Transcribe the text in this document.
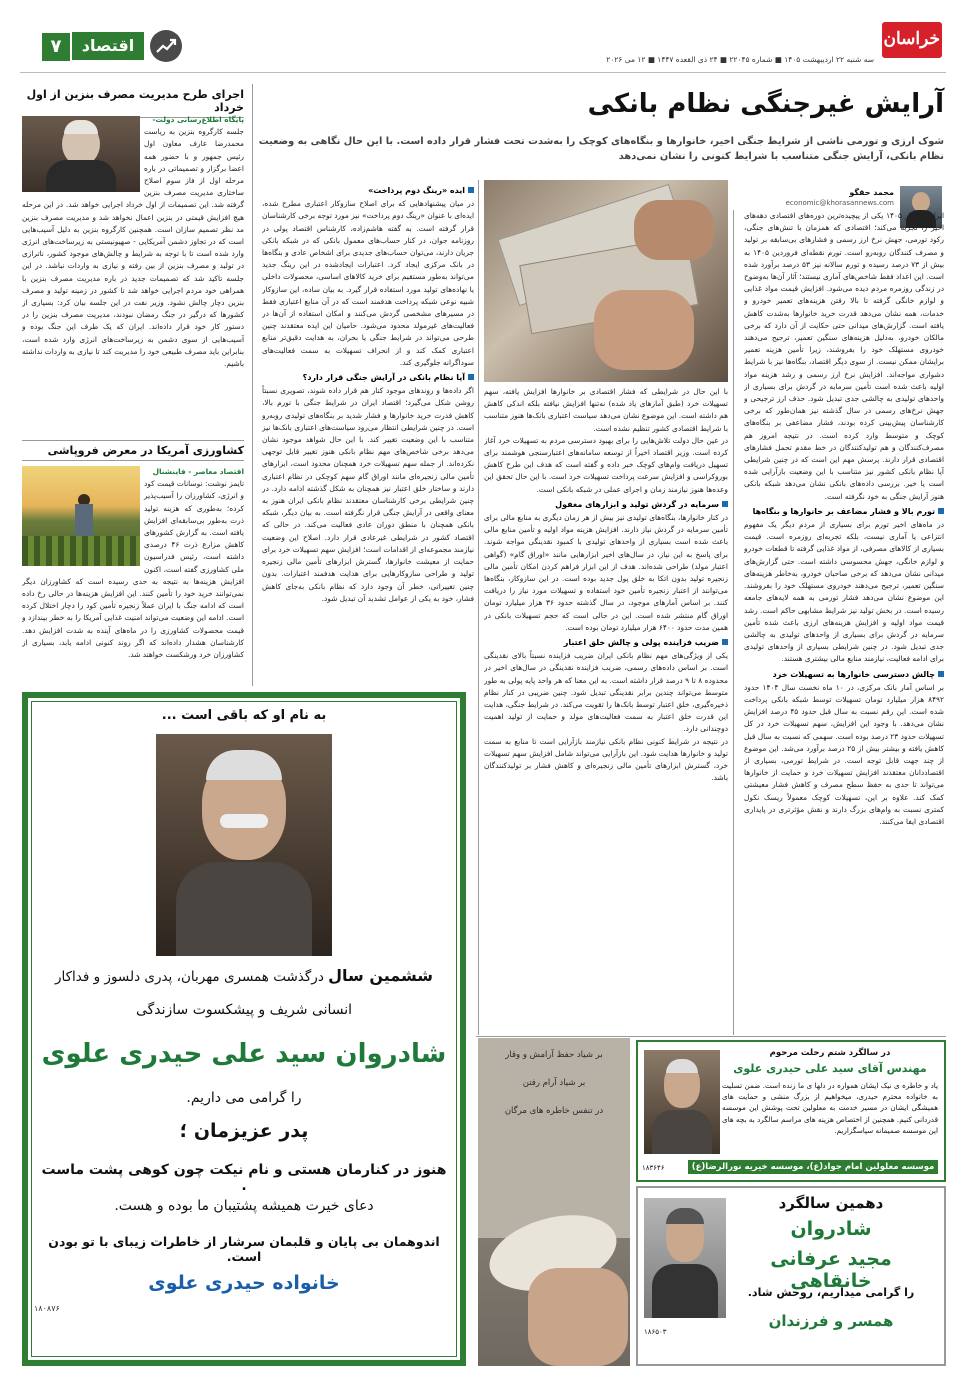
خراسان
سه شنبه ۲۲ اردیبهشت ۱۴۰۵ ■ شماره ۲۲۰۴۵ ■ ۲۴ ذی القعده ۱۴۴۷ ■ ۱۲ می ۲۰۲۶
۷	اقتصاد
آرایش غیرجنگی نظام بانکی
شوک ارزی و تورمی ناشی از شرایط جنگی اخیر، خانوارها و بنگاه‌های کوچک را به‌شدت تحت فشار قرار داده است. با این حال نگاهی به وضعیت نظام بانکی، آرایش جنگی متناسب با شرایط کنونی را نشان نمی‌دهد
محمد حقگو
economic@khorasannews.com

ایران در بهار ۱۴۰۵ یکی از پیچیده‌ترین دوره‌های اقتصادی دهه‌های اخیر را تجربه می‌کند؛ اقتصادی که همزمان با تنش‌های جنگی، رکود تورمی، جهش نرخ ارز رسمی و فشارهای بی‌سابقه بر تولید و مصرف کنندگان روبه‌رو است. تورم نقطه‌ای فروردین ۱۴۰۵ به بیش از ۷۳ درصد رسیده و تورم سالانه نیز ۵۳ درصد برآورد شده است. این اعداد فقط شاخص‌های آماری نیستند؛ آثار آن‌ها به‌وضوح در زندگی روزمره مردم دیده می‌شود. افزایش قیمت مواد غذایی و لوازم خانگی گرفته تا بالا رفتن هزینه‌های تعمیر خودرو و خدمات، همه نشان می‌دهد قدرت خرید خانوارها به‌شدت کاهش یافته است. گزارش‌های میدانی حتی حکایت از آن دارد که برخی مالکان خودرو، به‌دلیل هزینه‌های سنگین تعمیر، ترجیح می‌دهند خودروی مستهلک خود را بفروشند، زیرا تأمین هزینه تعمیر برایشان ممکن نیست. از سوی دیگر اقتصاد، بنگاه‌ها نیز با شرایط دشواری مواجه‌اند. افزایش نرخ ارز رسمی و رشد هزینه مواد اولیه باعث شده است تأمین سرمایه در گردش برای بسیاری از واحدهای تولیدی به چالشی جدی تبدیل شود. حذف ارز ترجیحی و جهش نرخ‌های رسمی در سال گذشته نیز همان‌طور که برخی کارشناسان پیش‌بینی کرده بودند، فشار مضاعفی بر بنگاه‌های کوچک و متوسط وارد کرده است. در نتیجه امروز هم مصرف‌کنندگان و هم تولیدکنندگان در خط مقدم تحمل فشارهای اقتصادی قرار دارند. پرسش مهم این است که در چنین شرایطی آیا نظام بانکی کشور نیز متناسب با این وضعیت بازآرایی شده است یا خیر. بررسی داده‌های بانکی نشان می‌دهد شبکه بانکی هنوز آرایش جنگی به خود نگرفته است.

تورم بالا و فشار مضاعف بر خانوارها و بنگاه‌ها

در ماه‌های اخیر تورم برای بسیاری از مردم دیگر یک مفهوم انتزاعی یا آماری نیست، بلکه تجربه‌ای روزمره است. قیمت بسیاری از کالاهای مصرفی، از مواد غذایی گرفته تا قطعات خودرو و لوازم خانگی، جهش محسوسی داشته است. حتی گزارش‌های میدانی نشان می‌دهد که برخی صاحبان خودرو، به‌خاطر هزینه‌های سنگین تعمیر، ترجیح می‌دهند خودروی مستهلک خود را بفروشند. این موضوع نشان می‌دهد فشار تورمی به همه لایه‌های جامعه رسیده است. در بخش تولید نیز شرایط مشابهی حاکم است. رشد قیمت مواد اولیه و افزایش هزینه‌های ارزی باعث شده تأمین سرمایه در گردش برای بسیاری از واحدهای تولیدی به چالشی جدی تبدیل شود. در چنین شرایطی بسیاری از واحدهای تولیدی برای ادامه فعالیت، نیازمند منابع مالی بیشتری هستند.

چالش دسترسی خانوارها به تسهیلات خرد

بر اساس آمار بانک مرکزی، در ۱۰ ماه نخست سال ۱۴۰۴ حدود ۸۴۹۲ هزار میلیارد تومان تسهیلات توسط شبکه بانکی پرداخت شده است. این رقم نسبت به سال قبل حدود ۴۵ درصد افزایش نشان می‌دهد. با وجود این افزایش، سهم تسهیلات خرد در کل تسهیلات حدود ۲۳ درصد بوده است. سهمی که نسبت به سال قبل کاهش یافته و بیشتر بیش از ۲۵ درصد برآورد می‌شد. این موضوع از چند جهت قابل توجه است. در شرایط تورمی، بسیاری از اقتصاددانان معتقدند افزایش تسهیلات خرد و حمایت از خانوارها می‌تواند تا حدی به حفظ سطح مصرف و کاهش فشار معیشتی کمک کند. علاوه بر این، تسهیلات کوچک معمولاً ریسک نکول کمتری نسبت به وام‌های بزرگ دارند و نقش مؤثرتری در پایداری اقتصادی ایفا می‌کنند.

با این حال در شرایطی که فشار اقتصادی بر خانوارها افزایش یافته، سهم تسهیلات خرد (طبق آمارهای یاد شده) نه‌تنها افزایش نیافته بلکه اندکی کاهش هم داشته است. این موضوع نشان می‌دهد سیاست اعتباری بانک‌ها هنوز متناسب با شرایط اقتصادی کشور تنظیم نشده است.

در عین حال دولت تلاش‌هایی را برای بهبود دسترسی مردم به تسهیلات خرد آغاز کرده است. وزیر اقتصاد اخیراً از توسعه سامانه‌های اعتبارسنجی هوشمند برای تسهیل دریافت وام‌های کوچک خبر داده و گفته است که هدف این طرح کاهش بوروکراسی و افزایش سرعت پرداخت تسهیلات خرد است. با این حال تحقق این وعده‌ها هنوز نیازمند زمان و اجرای عملی در شبکه بانکی است.

سرمایه در گردش تولید و ابزارهای مغفول

در کنار خانوارها، بنگاه‌های تولیدی نیز بیش از هر زمان دیگری به منابع مالی برای تأمین سرمایه در گردش نیاز دارند. افزایش هزینه مواد اولیه و تأمین منابع مالی باعث شده است بسیاری از واحدهای تولیدی با کمبود نقدینگی مواجه شوند. برای پاسخ به این نیاز، در سال‌های اخیر ابزارهایی مانند «اوراق گام» (گواهی اعتبار مولد) طراحی شده‌اند. هدف از این ابزار فراهم کردن امکان تأمین مالی زنجیره تولید بدون اتکا به خلق پول جدید بوده است. در این سازوکار، بنگاه‌ها می‌توانند از اعتبار زنجیره تأمین خود استفاده و تسهیلات مورد نیاز را دریافت کنند. بر اساس آمارهای موجود، در سال گذشته حدود ۳۶ هزار میلیارد تومان اوراق گام منتشر شده است. این در حالی است که حجم تسهیلات بانکی در همین مدت حدود ۶۴۰۰ هزار میلیارد تومان بوده است.

ضریب فزاینده پولی و چالش خلق اعتبار

یکی از ویژگی‌های مهم نظام بانکی ایران ضریب فزاینده نسبتاً بالای نقدینگی است. بر اساس داده‌های رسمی، ضریب فزاینده نقدینگی در سال‌های اخیر در محدوده ۸ تا ۹ درصد قرار داشته است. به این معنا که هر واحد پایه پولی به طور متوسط می‌تواند چندین برابر نقدینگی تبدیل شود. چنین ضریبی در کنار نظام ذخیره‌گیری، خلق اعتبار توسط بانک‌ها را تقویت می‌کند. در شرایط جنگی، هدایت این قدرت خلق اعتبار به سمت فعالیت‌های مولد و حمایت از تولید اهمیت دوچندانی دارد.

در نتیجه در شرایط کنونی نظام بانکی نیازمند بازآرایی است تا منابع به سمت تولید و خانوارها هدایت شود. این بازآرایی می‌تواند شامل افزایش سهم تسهیلات خرد، گسترش ابزارهای تأمین مالی زنجیره‌ای و کاهش فشار بر تولیدکنندگان باشد.

ایده «رینگ دوم پرداخت»

در میان پیشنهادهایی که برای اصلاح سازوکار اعتباری مطرح شده، ایده‌ای با عنوان «رینگ دوم پرداخت» نیز مورد توجه برخی کارشناسان قرار گرفته است. به گفته هاشم‌زاده، کارشناس اقتصاد پولی در روزنامه جوان، در کنار حساب‌های معمول بانکی که در شبکه بانکی جریان دارند، می‌توان حساب‌های جدیدی برای اشخاص عادی و بنگاه‌ها در بانک مرکزی ایجاد کرد. اعتبارات ایجادشده در این رینگ جدید می‌تواند به‌طور مستقیم برای خرید کالاهای اساسی، محصولات داخلی یا نهاده‌های تولید مورد استفاده قرار گیرد. به بیان ساده، این سازوکار شبیه نوعی شبکه پرداخت هدفمند است که در آن منابع اعتباری فقط در مسیرهای مشخصی گردش می‌کنند و امکان استفاده از آن‌ها در فعالیت‌های غیرمولد محدود می‌شود. حامیان این ایده معتقدند چنین طرحی می‌تواند در شرایط جنگی یا بحران، به هدایت دقیق‌تر منابع اعتباری کمک کند و از انحراف تسهیلات به سمت فعالیت‌های سوداگرانه جلوگیری کند.

آیا نظام بانکی در آرایش جنگی قرار دارد؟

اگر داده‌ها و روندهای موجود کنار هم قرار داده شوند، تصویری نسبتاً روشن شکل می‌گیرد؛ اقتصاد ایران در شرایط جنگی با تورم بالا، کاهش قدرت خرید خانوارها و فشار شدید بر بنگاه‌های تولیدی روبه‌رو است. در چنین شرایطی انتظار می‌رود سیاست‌های اعتباری بانک‌ها نیز متناسب با این وضعیت تغییر کند. با این حال شواهد موجود نشان می‌دهد برخی شاخص‌های مهم نظام بانکی هنوز تغییر قابل توجهی نکرده‌اند. از جمله سهم تسهیلات خرد همچنان محدود است، ابزارهای تأمین مالی زنجیره‌ای مانند اوراق گام سهم کوچکی در نظام اعتباری دارند و ساختار خلق اعتبار نیز همچنان به شکل گذشته ادامه دارد. در چنین شرایطی برخی کارشناسان معتقدند نظام بانکی ایران هنوز به معنای واقعی در آرایش جنگی قرار نگرفته است. به بیان دیگر، شبکه بانکی همچنان با منطق دوران عادی فعالیت می‌کند. در حالی که اقتصاد کشور در شرایطی غیرعادی قرار دارد. اصلاح این وضعیت نیازمند مجموعه‌ای از اقدامات است؛ افزایش سهم تسهیلات خرد برای حمایت از معیشت خانوارها، گسترش ابزارهای تأمین مالی زنجیره تولید و طراحی سازوکارهایی برای هدایت هدفمند اعتبارات. بدون چنین تغییراتی، خطر آن وجود دارد که نظام بانکی به‌جای کاهش فشار، خود به یکی از عوامل تشدید آن تبدیل شود.

اجرای طرح مدیریت مصرف بنزین از اول خرداد
پایگاه اطلاع‌رسانی دولت-

جلسه کارگروه بنزین به ریاست محمدرضا عارف معاون اول رئیس جمهور و با حضور همه اعضا برگزار و تصمیماتی در باره مرحله اول از فاز سوم اصلاح ساختاری مدیریت مصرف بنزین گرفته شد. این تصمیمات از اول خرداد اجرایی خواهد شد. در این مرحله هیچ افزایش قیمتی در بنزین اعمال نخواهد شد و مدیریت مصرف بنزین مد نظر تصمیم سازان است. همچنین کارگروه بنزین به دلیل آسیب‌هایی است که در تجاوز دشمن آمریکایی - صهیونیستی به زیرساخت‌های انرژی وارد شده است تا با توجه به شرایط و چالش‌های موجود کشور، ناترازی در تولید و مصرف بنزین از بین رفته و نیازی به واردات نباشد. در این جلسه تاکید شد که تصمیمات جدید در باره مدیریت مصرف بنزین با همراهی خود مردم اجرایی خواهد شد تا کشور در زمینه تولید و مصرف بنزین دچار چالش نشود. وزیر نفت در این جلسه بیان کرد: بسیاری از کشورها که درگیر در جنگ رمضان نبودند، مدیریت مصرف بنزین را در دستور کار خود قرار داده‌اند. ایران که یک طرف این جنگ بوده و آسیب‌هایی از سوی دشمن به زیرساخت‌های انرژی وارد شده است، بنابراین باید مصرف طبیعی خود را مدیریت کند تا نیازی به واردات نداشته باشیم.

کشاورزی آمریکا در معرض فروپاشی
اقتصاد معاصر - فاینشنال

تایمز نوشت: نوسانات قیمت کود و انرژی، کشاورزان را آسیب‌پذیر کرده؛ به‌طوری که هزینه تولید ذرت به‌طور بی‌سابقه‌ای افزایش یافته است. به گزارش کشورهای کاهش مزارع ذرت ۴۶ درصدی داشته است، رئیس فدراسیون ملی کشاورزی گفته است، اکنون افزایش هزینه‌ها به نتیجه به حدی رسیده است که کشاورزان دیگر نمی‌توانند خرید خود را تأمین کنند. این افزایش هزینه‌ها در حالی رخ داده است که ادامه جنگ با ایران عملاً زنجیره تأمین کود را دچار اختلال کرده است. ادامه این وضعیت می‌تواند امنیت غذایی آمریکا را به خطر بیندازد و قیمت محصولات کشاورزی را در ماه‌های آینده به شدت افزایش دهد. کارشناسان هشدار داده‌اند که اگر روند کنونی ادامه یابد، بسیاری از کشاورزان خرد ورشکست خواهند شد.

به نام او که باقی است ...
ششمین سال درگذشت همسری مهربان، پدری دلسوز و فداکار
انسانی شریف و پیشکسوت سازندگی
شادروان سید علی حیدری علوی
را گرامی می داریم.
پدر عزیزمان ؛
هنوز در کنارمان هستی و نام نیکت چون کوهی پشت ماست .
دعای خیرت همیشه پشتیبان ما بوده و هست.
اندوهمان بی پایان و قلبمان سرشار از خاطرات زیبای با تو بودن است.
خانواده حیدری علوی
۱۸۰۸۷۶
بر شیاد حفظ آرامش و وقار
بر شیاد آرام رفتن
در تنفس خاطره های مرگان
در سالگرد شتم رحلت مرحوم
مهندس آقای سید علی حیدری علوی
یاد و خاطره ی نیک ایشان همواره در دلها ی ما زنده است. ضمن تسلیت به خانواده محترم حیدری، میخواهیم از بزرگ منشی و حمایت های همیشگی ایشان در مسیر خدمت به معلولین تحت پوشش این موسسه قدردانی کنیم. همچنین از اختصاص هزینه های مراسم سالگرد به بچه های این موسسه صمیمانه سپاسگزاریم.
موسسه معلولین امام جواد(ع)، موسسه خیریه نورالرضا(ع)
۱۸۳۶۴۶
دهمین سالگرد
شادروان
مجید عرفانی خانقاهی
را گرامی میداریم، روحش شاد.
همسر و فرزندان
۱۸۶۵۰۳
